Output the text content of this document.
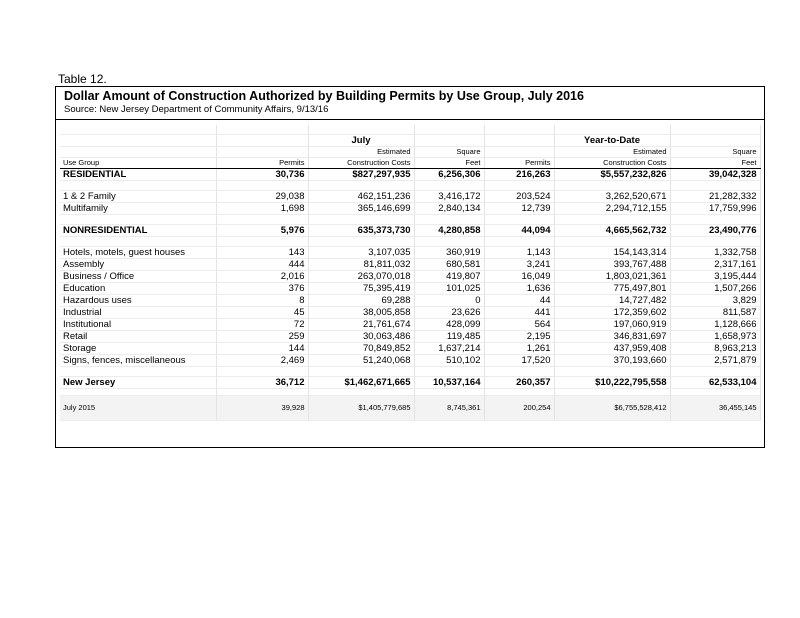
Table 12.
Dollar Amount of Construction Authorized by Building Permits by Use Group, July 2016
Source: New Jersey Department of Community Affairs, 9/13/16

		July			Year-to-Date	
		Estimated	Square		Estimated	Square
Use Group	Permits	Construction Costs	Feet	Permits	Construction Costs	Feet
RESIDENTIAL	30,736	$827,297,935	6,256,306	216,263	$5,557,232,826	39,042,328

1 & 2 Family	29,038	462,151,236	3,416,172	203,524	3,262,520,671	21,282,332
Multifamily	1,698	365,146,699	2,840,134	12,739	2,294,712,155	17,759,996

NONRESIDENTIAL	5,976	635,373,730	4,280,858	44,094	4,665,562,732	23,490,776

Hotels, motels, guest houses	143	3,107,035	360,919	1,143	154,143,314	1,332,758
Assembly	444	81,811,032	680,581	3,241	393,767,488	2,317,161
Business / Office	2,016	263,070,018	419,807	16,049	1,803,021,361	3,195,444
Education	376	75,395,419	101,025	1,636	775,497,801	1,507,266
Hazardous uses	8	69,288	0	44	14,727,482	3,829
Industrial	45	38,005,858	23,626	441	172,359,602	811,587
Institutional	72	21,761,674	428,099	564	197,060,919	1,128,666
Retail	259	30,063,486	119,485	2,195	346,831,697	1,658,973
Storage	144	70,849,852	1,637,214	1,261	437,959,408	8,963,213
Signs, fences, miscellaneous	2,469	51,240,068	510,102	17,520	370,193,660	2,571,879

New Jersey	36,712	$1,462,671,665	10,537,164	260,357	$10,222,795,558	62,533,104

July 2015	39,928	$1,405,779,685	8,745,361	200,254	$6,755,528,412	36,455,145
